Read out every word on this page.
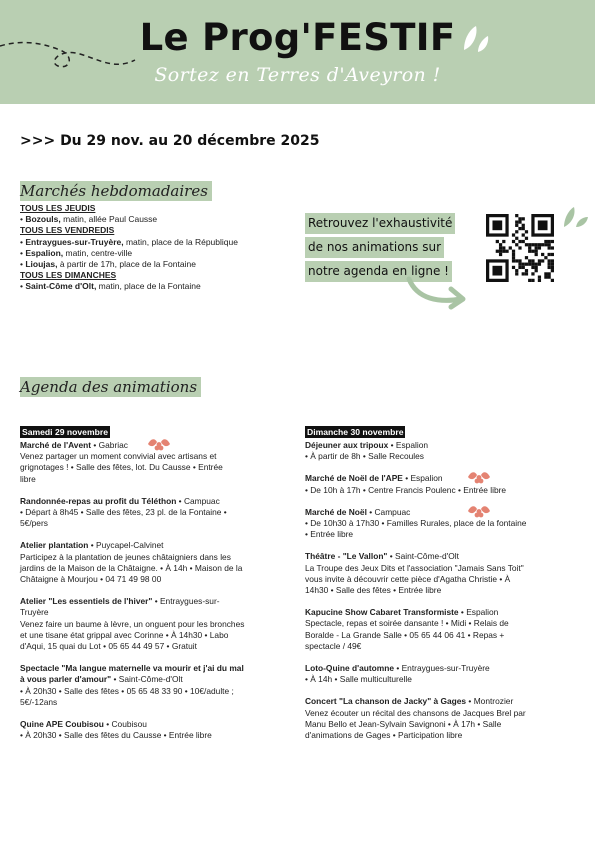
Le Prog'FESTIF
Sortez en Terres d'Aveyron !
>>> Du 29 nov. au 20 décembre 2025
Marchés hebdomadaires
TOUS LES JEUDIS
• Bozouls, matin, allée Paul Causse
TOUS LES VENDREDIS
• Entraygues-sur-Truyère, matin, place de la République
• Espalion, matin, centre-ville
• Lioujas, à partir de 17h, place de la Fontaine
TOUS LES DIMANCHES
• Saint-Côme d'Olt, matin, place de la Fontaine
Retrouvez l'exhaustivité
de nos animations sur
notre agenda en ligne !
Agenda des animations
Samedi 29 novembre
Marché de l'Avent • Gabriac
Venez partager un moment convivial avec artisans et
grignotages ! • Salle des fêtes, lot. Du Causse • Entrée
libre
Randonnée-repas au profit du Téléthon • Campuac
• Départ à 8h45 • Salle des fêtes, 23 pl. de la Fontaine •
5€/pers
Atelier plantation • Puycapel-Calvinet
Participez à la plantation de jeunes châtaigniers dans les
jardins de la Maison de la Châtaigne. • À 14h • Maison de la
Châtaigne à Mourjou • 04 71 49 98 00
Atelier "Les essentiels de l'hiver" • Entraygues-sur-
Truyère
Venez faire un baume à lèvre, un onguent pour les bronches
et une tisane état grippal avec Corinne • À 14h30 • Labo
d'Aqui, 15 quai du Lot • 05 65 44 49 57 • Gratuit
Spectacle "Ma langue maternelle va mourir et j'ai du mal
à vous parler d'amour" • Saint-Côme-d'Olt
• À 20h30 • Salle des fêtes • 05 65 48 33 90 • 10€/adulte ;
5€/-12ans
Quine APE Coubisou • Coubisou
• À 20h30 • Salle des fêtes du Causse • Entrée libre
Dimanche 30 novembre
Déjeuner aux tripoux • Espalion
• À partir de 8h • Salle Recoules
Marché de Noël de l'APE • Espalion
• De 10h à 17h • Centre Francis Poulenc • Entrée libre
Marché de Noël • Campuac
• De 10h30 à 17h30 • Familles Rurales, place de la fontaine
• Entrée libre
Théâtre - "Le Vallon" • Saint-Côme-d'Olt
La Troupe des Jeux Dits et l'association "Jamais Sans Toit"
vous invite à découvrir cette pièce d'Agatha Christie • À
14h30 • Salle des fêtes • Entrée libre
Kapucine Show Cabaret Transformiste • Espalion
Spectacle, repas et soirée dansante ! • Midi • Relais de
Boralde - La Grande Salle • 05 65 44 06 41 • Repas +
spectacle / 49€
Loto-Quine d'automne • Entraygues-sur-Truyère
• À 14h • Salle multiculturelle
Concert "La chanson de Jacky" à Gages • Montrozier
Venez écouter un récital des chansons de Jacques Brel par
Manu Bello et Jean-Sylvain Savignoni • À 17h • Salle
d'animations de Gages • Participation libre
